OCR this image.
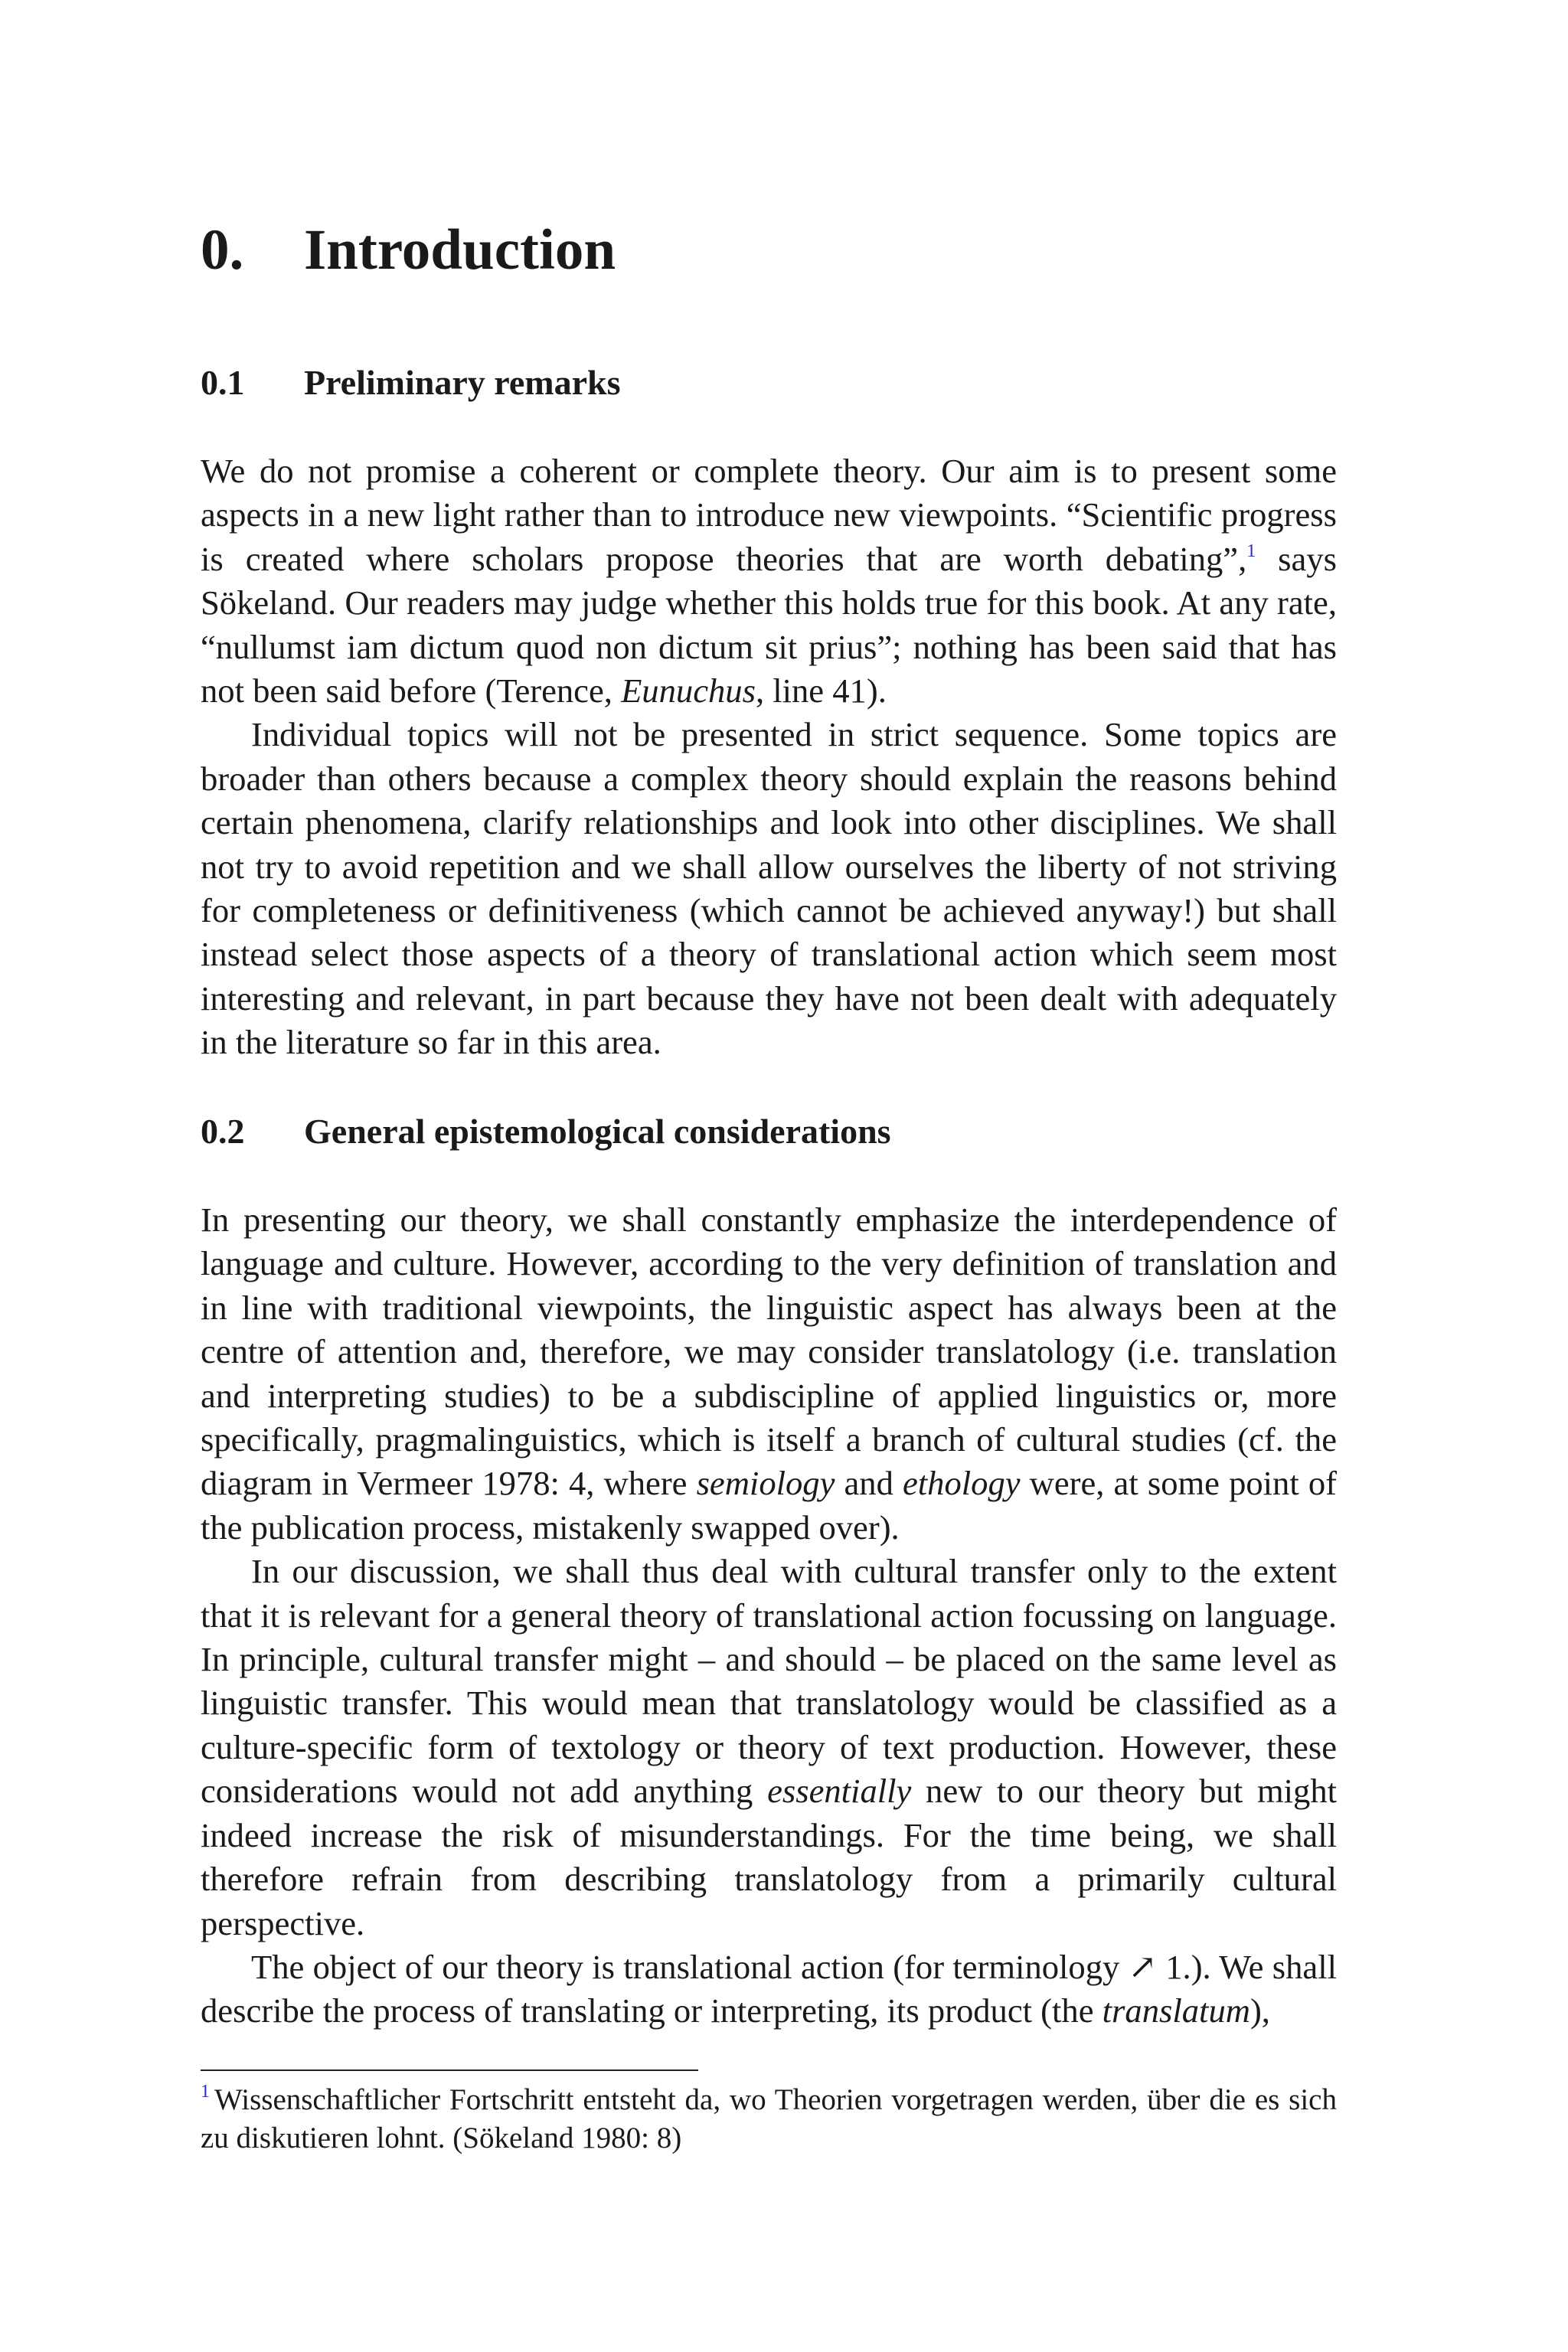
0. Introduction
0.1 Preliminary remarks

We do not promise a coherent or complete theory. Our aim is to present some aspects in a new light rather than to introduce new viewpoints. “Scientific progress is created where scholars propose theories that are worth debating”,$^1$ says Sökeland. Our readers may judge whether this holds true for this book. At any rate, “nullumst iam dictum quod non dictum sit prius”; nothing has been said that has not been said before (Terence, Eunuchus, line 41).

Individual topics will not be presented in strict sequence. Some topics are broader than others because a complex theory should explain the reasons behind certain phenomena, clarify relationships and look into other disciplines. We shall not try to avoid repetition and we shall allow ourselves the liberty of not striving for completeness or definitiveness (which cannot be achieved anyway!) but shall instead select those aspects of a theory of translational action which seem most interesting and relevant, in part because they have not been dealt with adequately in the literature so far in this area.

0.2 General epistemological considerations

In presenting our theory, we shall constantly emphasize the interdependence of language and culture. However, according to the very definition of translation and in line with traditional viewpoints, the linguistic aspect has always been at the centre of attention and, therefore, we may consider translatology (i.e. translation and interpreting studies) to be a subdiscipline of applied linguistics or, more specifically, pragmalinguistics, which is itself a branch of cultural studies (cf. the diagram in Vermeer 1978: 4, where semiology and ethology were, at some point of the publication process, mistakenly swapped over).

In our discussion, we shall thus deal with cultural transfer only to the extent that it is relevant for a general theory of translational action focussing on language. In principle, cultural transfer might – and should – be placed on the same level as linguistic transfer. This would mean that translatology would be classified as a culture-specific form of textology or theory of text production. However, these considerations would not add anything essentially new to our theory but might indeed increase the risk of misunderstandings. For the time being, we shall therefore refrain from describing translatology from a primarily cultural perspective.

The object of our theory is translational action (for terminology ↗ 1.). We shall describe the process of translating or interpreting, its product (the translatum),

$^1$ Wissenschaftlicher Fortschritt entsteht da, wo Theorien vorgetragen werden, über die es sich zu diskutieren lohnt. (Sökeland 1980: 8)
